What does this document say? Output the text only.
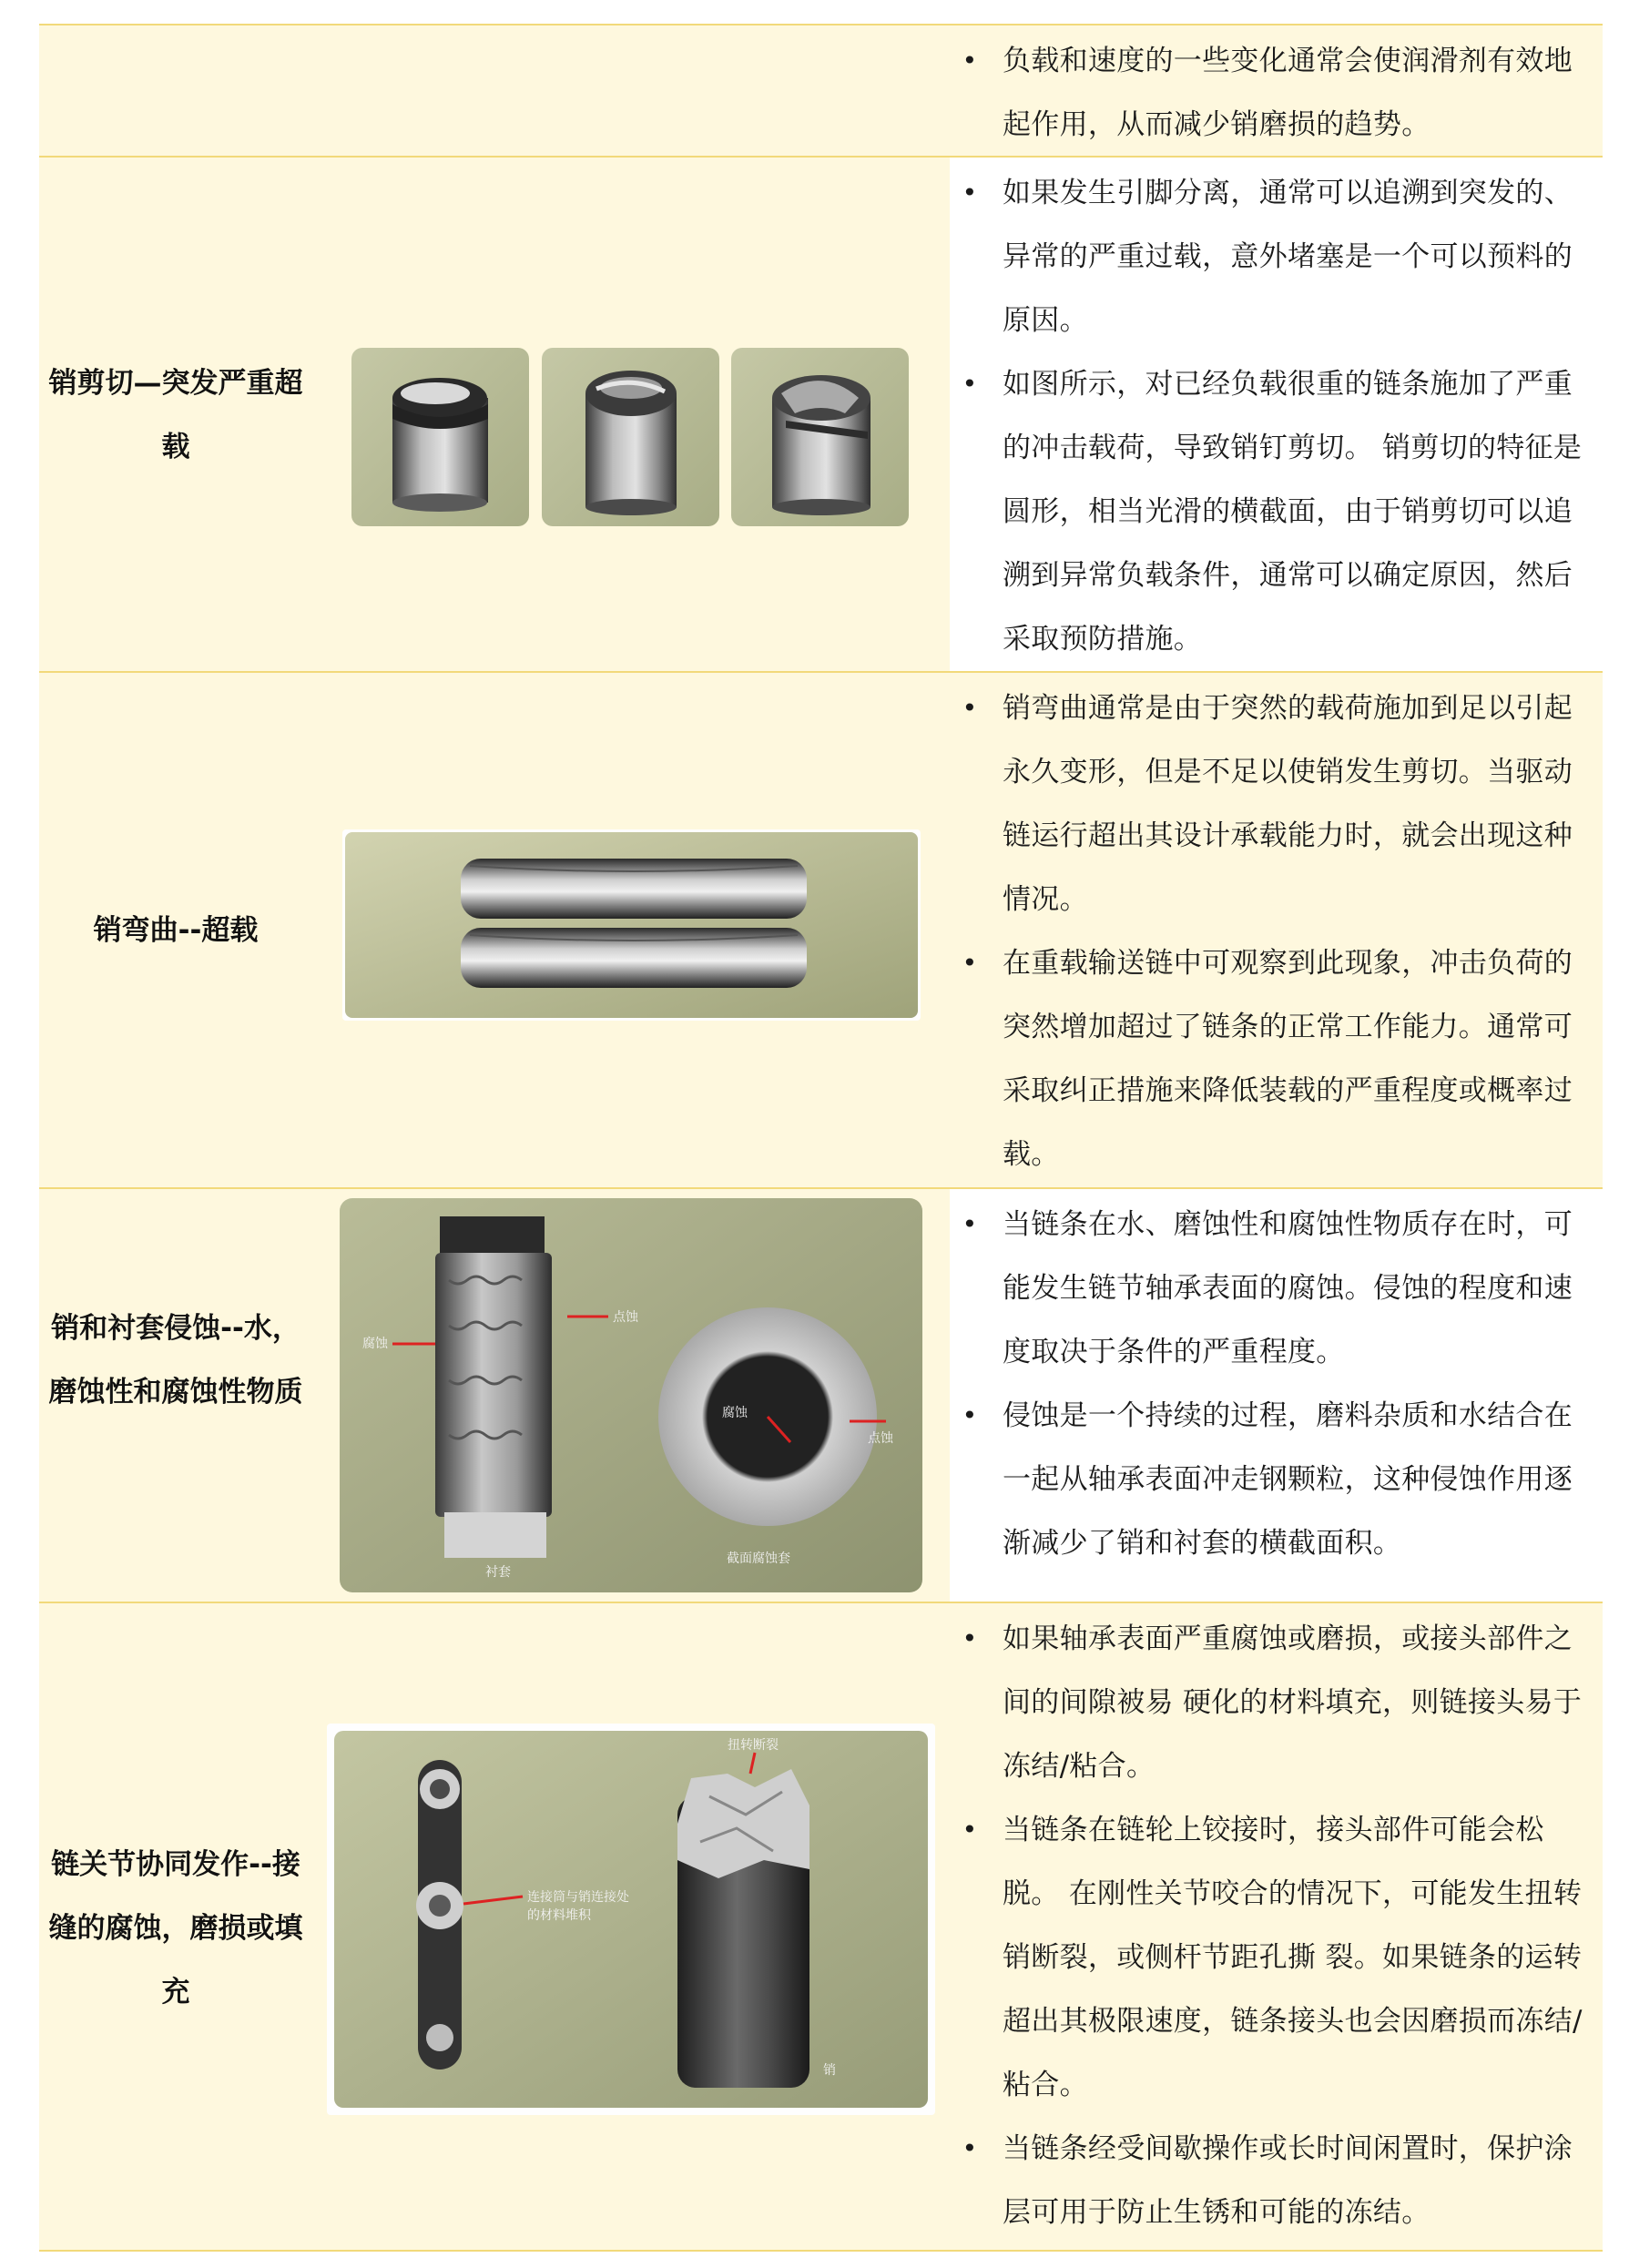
• 负载和速度的一些变化通常会使润滑剂有效地起作用，从而减少销磨损的趋势。
销剪切—突发严重超载
• 如果发生引脚分离，通常可以追溯到突发的、异常的严重过载，意外堵塞是一个可以预料的原因。
• 如图所示，对已经负载很重的链条施加了严重的冲击载荷，导致销钉剪切。 销剪切的特征是圆形，相当光滑的横截面，由于销剪切可以追溯到异常负载条件，通常可以确定原因，然后采取预防措施。
销弯曲--超载
• 销弯曲通常是由于突然的载荷施加到足以引起永久变形，但是不足以使销发生剪切。当驱动链运行超出其设计承载能力时，就会出现这种情况。
• 在重载输送链中可观察到此现象，冲击负荷的突然增加超过了链条的正常工作能力。通常可采取纠正措施来降低装载的严重程度或概率过载。
销和衬套侵蚀--水，磨蚀性和腐蚀性物质
点蚀
腐蚀
腐蚀
点蚀
衬套
截面腐蚀套
• 当链条在水、磨蚀性和腐蚀性物质存在时，可能发生链节轴承表面的腐蚀。侵蚀的程度和速度取决于条件的严重程度。
• 侵蚀是一个持续的过程，磨料杂质和水结合在一起从轴承表面冲走钢颗粒，这种侵蚀作用逐渐减少了销和衬套的横截面积。
链关节协同发作--接缝的腐蚀，磨损或填充
扭转断裂
连接筒与销连接处
的材料堆积
销
• 如果轴承表面严重腐蚀或磨损，或接头部件之间的间隙被易 硬化的材料填充，则链接头易于冻结/粘合。
• 当链条在链轮上铰接时，接头部件可能会松脱。 在刚性关节咬合的情况下，可能发生扭转销断裂，或侧杆节距孔撕 裂。如果链条的运转超出其极限速度，链条接头也会因磨损而冻结/粘合。
• 当链条经受间歇操作或长时间闲置时，保护涂层可用于防止生锈和可能的冻结。
